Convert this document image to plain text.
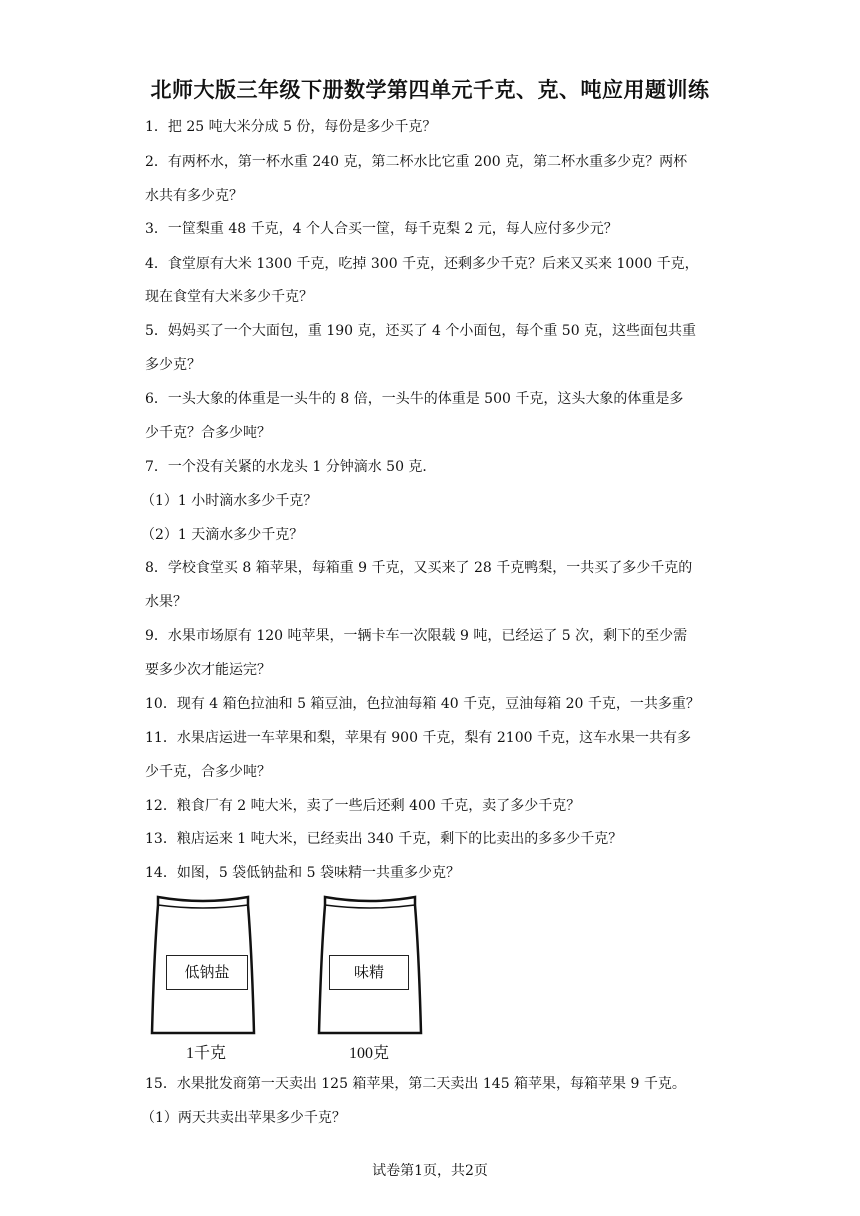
北师大版三年级下册数学第四单元千克、克、吨应用题训练
1．把 25 吨大米分成 5 份，每份是多少千克？
2．有两杯水，第一杯水重 240 克，第二杯水比它重 200 克，第二杯水重多少克？两杯
水共有多少克？
3．一筐梨重 48 千克，4 个人合买一筐，每千克梨 2 元，每人应付多少元？
4．食堂原有大米 1300 千克，吃掉 300 千克，还剩多少千克？后来又买来 1000 千克，
现在食堂有大米多少千克？
5．妈妈买了一个大面包，重 190 克，还买了 4 个小面包，每个重 50 克，这些面包共重
多少克？
6．一头大象的体重是一头牛的 8 倍，一头牛的体重是 500 千克，这头大象的体重是多
少千克？合多少吨？
7．一个没有关紧的水龙头 1 分钟滴水 50 克．
（1）1 小时滴水多少千克？
（2）1 天滴水多少千克？
8．学校食堂买 8 箱苹果，每箱重 9 千克，又买来了 28 千克鸭梨，一共买了多少千克的
水果？
9．水果市场原有 120 吨苹果，一辆卡车一次限载 9 吨，已经运了 5 次，剩下的至少需
要多少次才能运完？
10．现有 4 箱色拉油和 5 箱豆油，色拉油每箱 40 千克，豆油每箱 20 千克，一共多重？
11．水果店运进一车苹果和梨，苹果有 900 千克，梨有 2100 千克，这车水果一共有多
少千克，合多少吨？
12．粮食厂有 2 吨大米，卖了一些后还剩 400 千克，卖了多少千克？
13．粮店运来 1 吨大米，已经卖出 340 千克，剩下的比卖出的多多少千克？
14．如图，5 袋低钠盐和 5 袋味精一共重多少克？
低钠盐
1千克
味精
100克
15．水果批发商第一天卖出 125 箱苹果，第二天卖出 145 箱苹果，每箱苹果 9 千克。
（1）两天共卖出苹果多少千克？
试卷第1页，共2页
